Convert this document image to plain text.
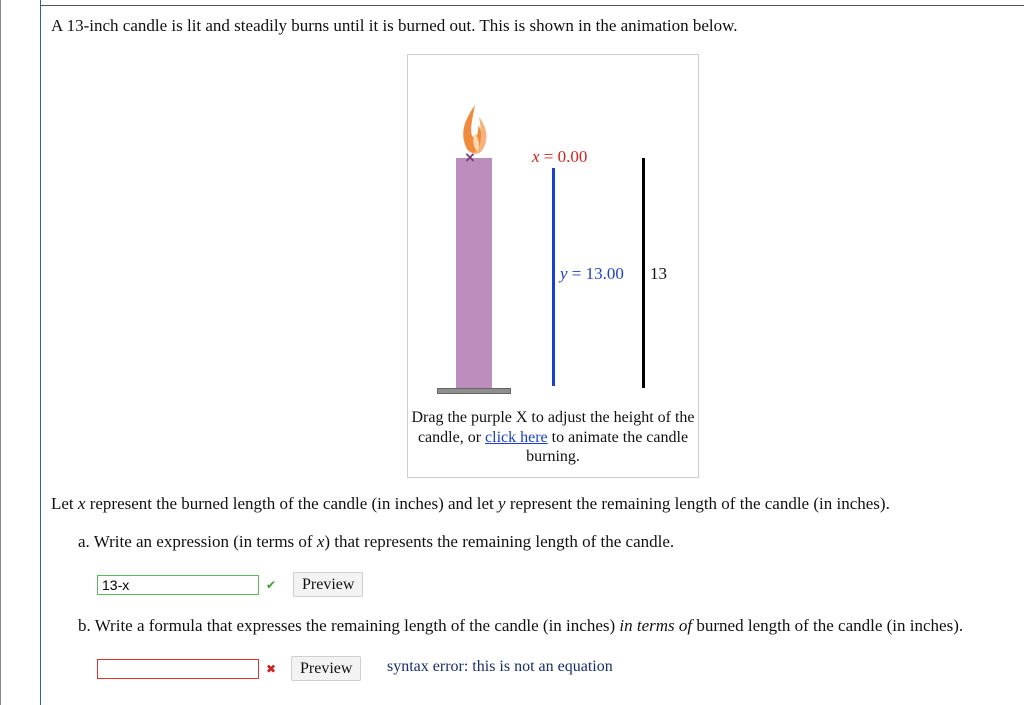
A 13-inch candle is lit and steadily burns until it is burned out. This is shown in the animation below.
×	x = 0.00
y = 13.00 13
Drag the purple X to adjust the height of the candle, or click here to animate the candle burning.
Let x represent the burned length of the candle (in inches) and let y represent the remaining length of the candle (in inches).
a. Write an expression (in terms of x) that represents the remaining length of the candle.
13-x
✔	Preview
b. Write a formula that expresses the remaining length of the candle (in inches) in terms of burned length of the candle (in inches).
✖	Preview	syntax error: this is not an equation
